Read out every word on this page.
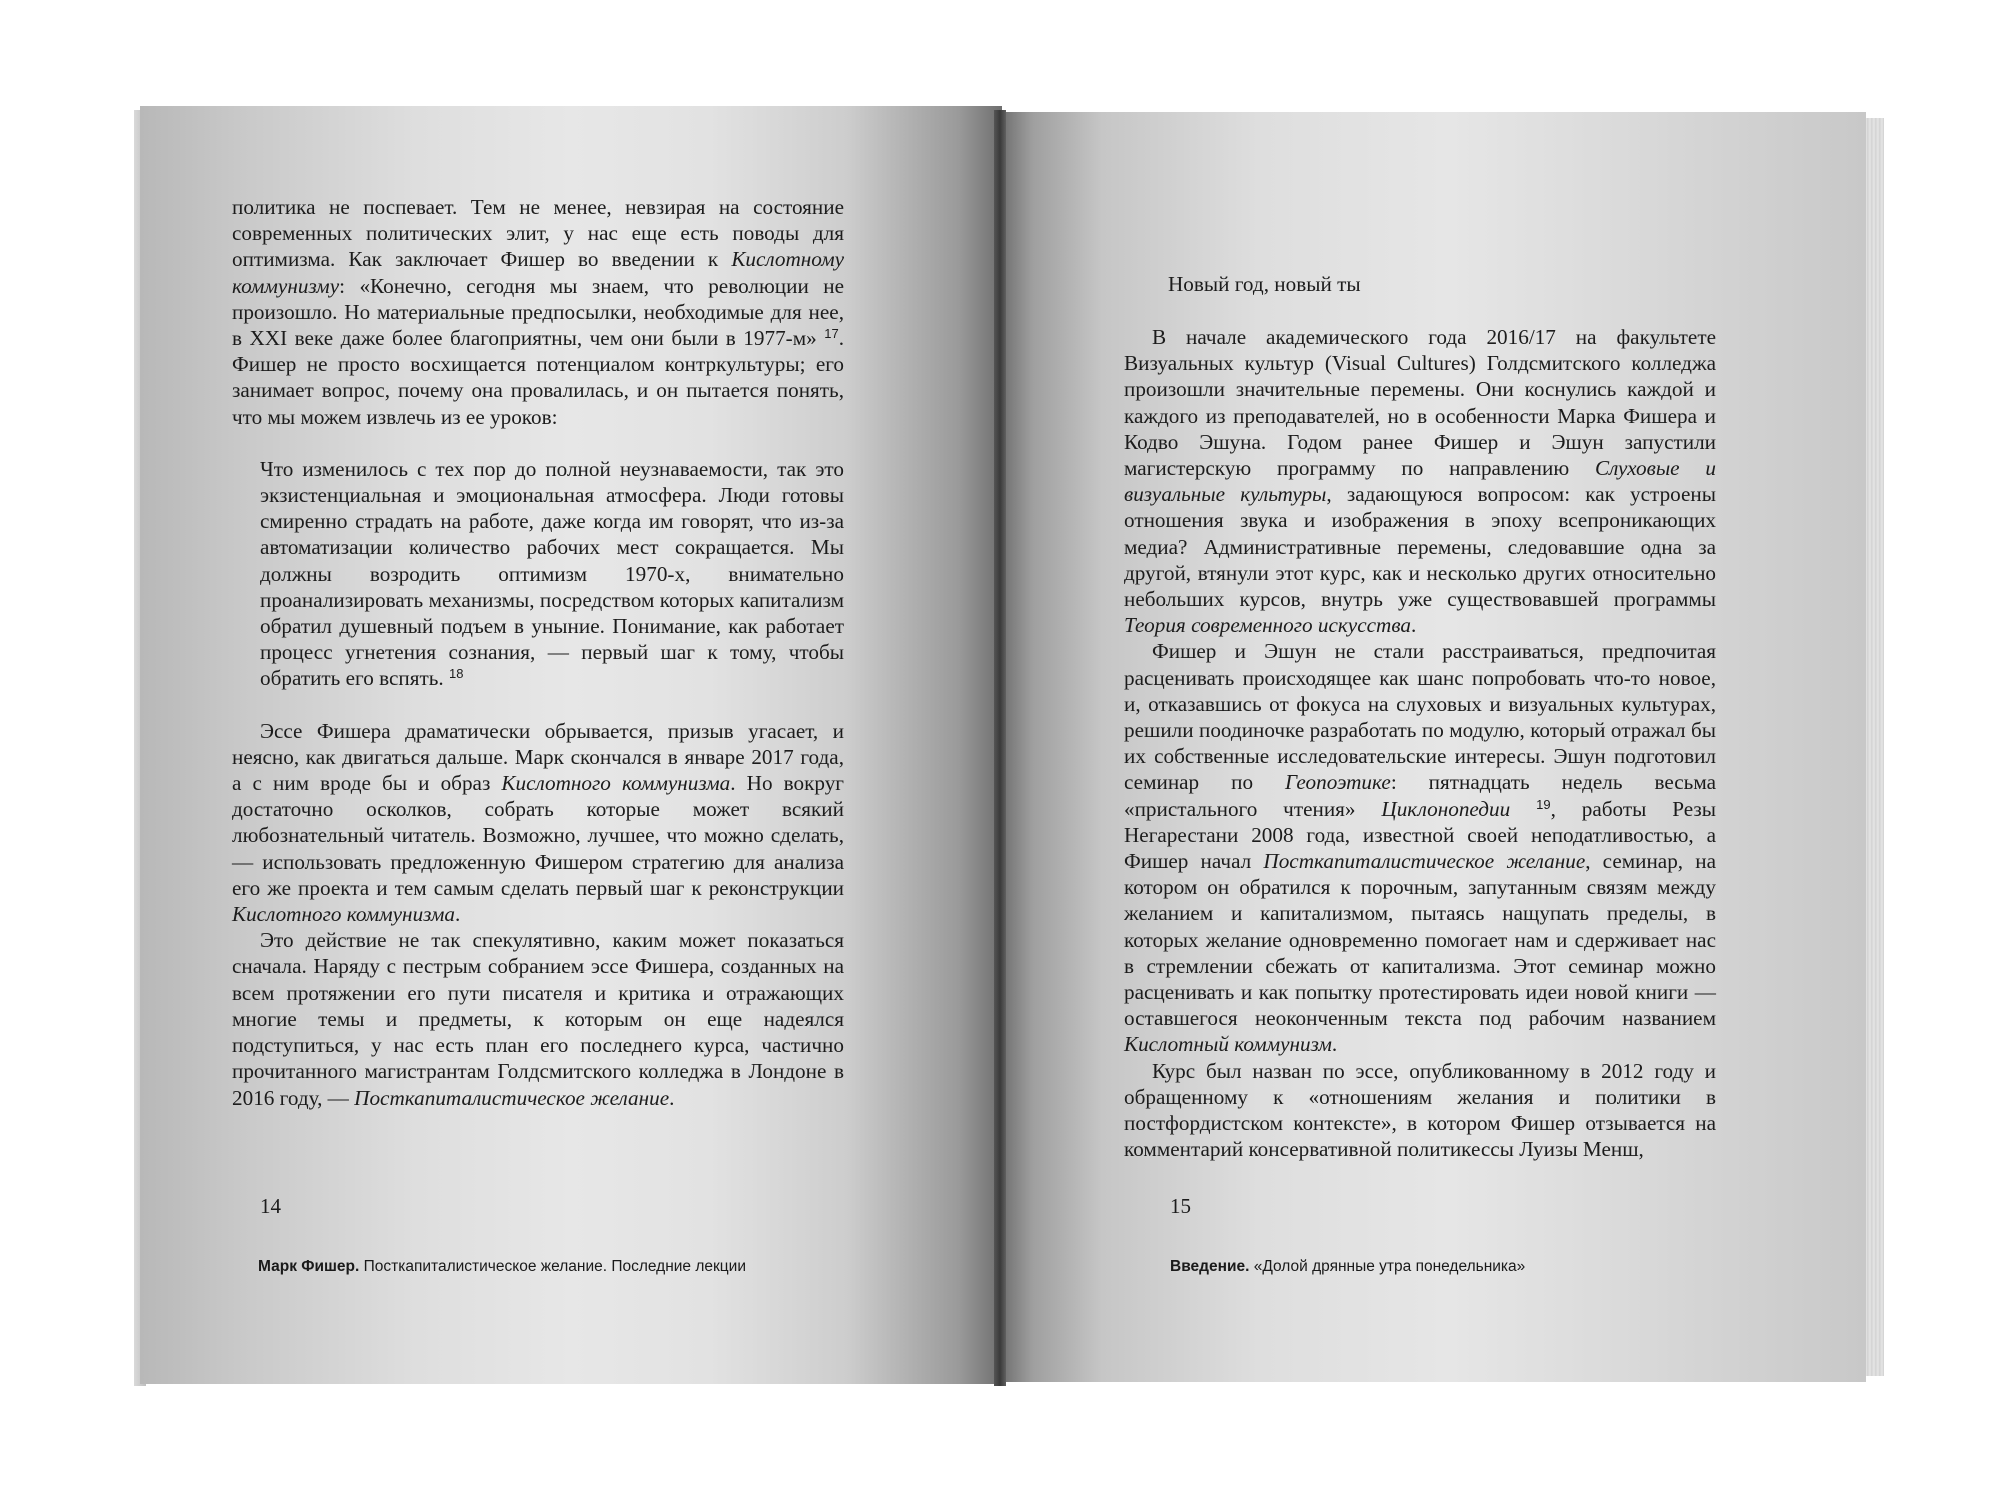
политика не поспевает. Тем не менее, невзирая на состояние современных политических элит, у нас еще есть поводы для оптимизма. Как заключает Фишер во введении к Кислотному коммунизму: «Конечно, сегодня мы знаем, что революции не произошло. Но материальные предпосылки, необходимые для нее, в XXI веке даже более благоприятны, чем они были в 1977-м» $^{17}$. Фишер не просто восхищается потенциалом контркультуры; его занимает вопрос, почему она провалилась, и он пытается понять, что мы можем извлечь из ее уроков:

Что изменилось с тех пор до полной неузнаваемости, так это экзистенциальная и эмоциональная атмосфера. Люди готовы смиренно страдать на работе, даже когда им говорят, что из-за автоматизации количество рабочих мест сокращается. Мы должны возродить оптимизм 1970-х, внимательно проанализировать механизмы, посредством которых капитализм обратил душевный подъем в уныние. Понимание, как работает процесс угнетения сознания, — первый шаг к тому, чтобы обратить его вспять. $^{18}$

Эссе Фишера драматически обрывается, призыв угасает, и неясно, как двигаться дальше. Марк скончался в январе 2017 года, а с ним вроде бы и образ Кислотного коммунизма. Но вокруг достаточно осколков, собрать которые может всякий любознательный читатель. Возможно, лучшее, что можно сделать, — использовать предложенную Фишером стратегию для анализа его же проекта и тем самым сделать первый шаг к реконструкции Кислотного коммунизма.

Это действие не так спекулятивно, каким может показаться сначала. Наряду с пестрым собранием эссе Фишера, созданных на всем протяжении его пути писателя и критика и отражающих многие темы и предметы, к которым он еще надеялся подступиться, у нас есть план его последнего курса, частично прочитанного магистрантам Голдсмитского колледжа в Лондоне в 2016 году, — Посткапиталистическое желание.

14
Марк Фишер. Посткапиталистическое желание. Последние лекции
Новый год, новый ты

В начале академического года 2016/17 на факультете Визуальных культур (Visual Cultures) Голдсмитского колледжа произошли значительные перемены. Они коснулись каждой и каждого из преподавателей, но в особенности Марка Фишера и Кодво Эшуна. Годом ранее Фишер и Эшун запустили магистерскую программу по направлению Слуховые и визуальные культуры, задающуюся вопросом: как устроены отношения звука и изображения в эпоху всепроникающих медиа? Административные перемены, следовавшие одна за другой, втянули этот курс, как и несколько других относительно небольших курсов, внутрь уже существовавшей программы Теория современного искусства.

Фишер и Эшун не стали расстраиваться, предпочитая расценивать происходящее как шанс попробовать что-то новое, и, отказавшись от фокуса на слуховых и визуальных культурах, решили поодиночке разработать по модулю, который отражал бы их собственные исследовательские интересы. Эшун подготовил семинар по Геопоэтике: пятнадцать недель весьма «пристального чтения» Циклонопедии $^{19}$, работы Резы Негарестани 2008 года, известной своей неподатливостью, а Фишер начал Посткапиталистическое желание, семинар, на котором он обратился к порочным, запутанным связям между желанием и капитализмом, пытаясь нащупать пределы, в которых желание одновременно помогает нам и сдерживает нас в стремлении сбежать от капитализма. Этот семинар можно расценивать и как попытку протестировать идеи новой книги — оставшегося неоконченным текста под рабочим названием Кислотный коммунизм.

Курс был назван по эссе, опубликованному в 2012 году и обращенному к «отношениям желания и политики в постфордистском контексте», в котором Фишер отзывается на комментарий консервативной политикессы Луизы Менш,

15
Введение. «Долой дрянные утра понедельника»
